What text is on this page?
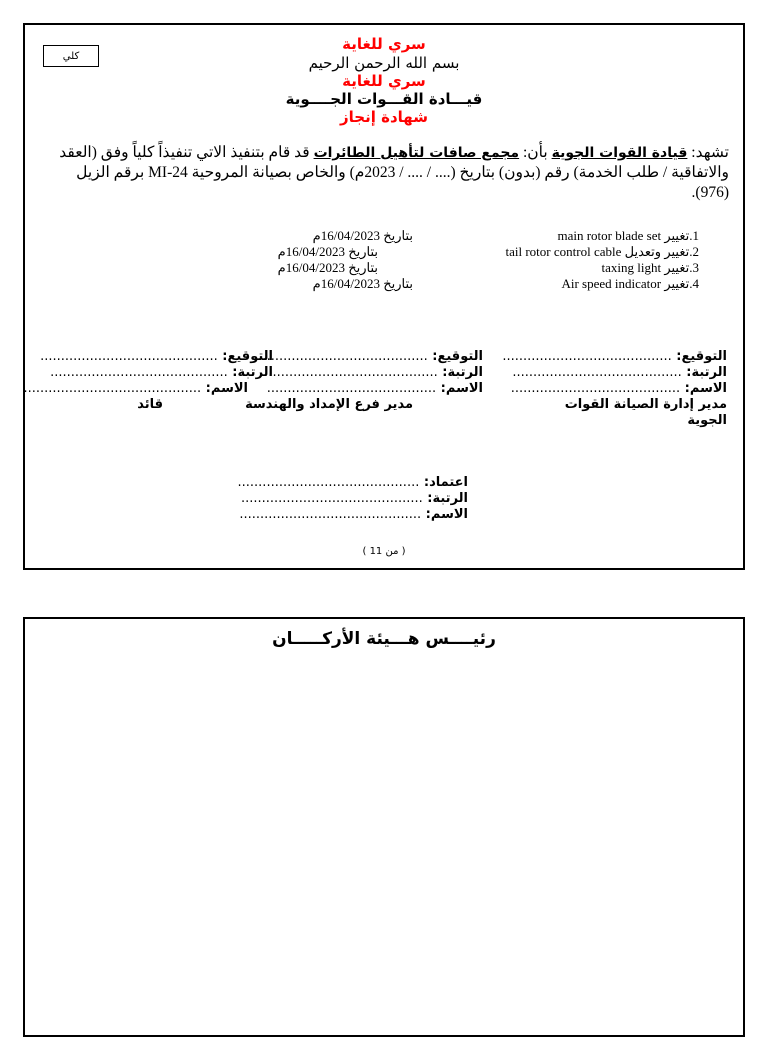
كلي
سري للغاية
بسم الله الرحمن الرحيم
سري للغاية
قيـــادة القـــوات الجــــوية
شهادة إنجاز
تشهد: قيادة القوات الجوية بأن: مجمع صافات لتأهيل الطائرات قد قام بتنفيذ الاتي تنفيذاً كلياً وفق (العقد والاتفاقية / طلب الخدمة) رقم (بدون) بتاريخ (.... / .... / 2023م) والخاص بصيانة المروحية MI-24 برقم الزيل (976).
1.تغيير main rotor blade set
بتاريخ 16/04/2023م
2.تغيير وتعديل tail rotor control cable
بتاريخ 16/04/2023م
3.تغيير taxing light
بتاريخ 16/04/2023م
4.تغيير Air speed indicator
بتاريخ 16/04/2023م
التوقيع: .........................................
الرتبة: .........................................
الاسم: .........................................
مدير إدارة الصيانة القوات الجوية
التوقيع: .........................................
الرتبة: .........................................
الاسم: .........................................
مدير فرع الإمداد والهندسة
التوقيع: ...........................................
الرتبة: ...........................................
الاسم: ...........................................
قائد
اعتماد: ............................................
الرتبة: ............................................
الاسم: ............................................
( من 11 )
رئيــــس هـــيئة الأركـــــان
